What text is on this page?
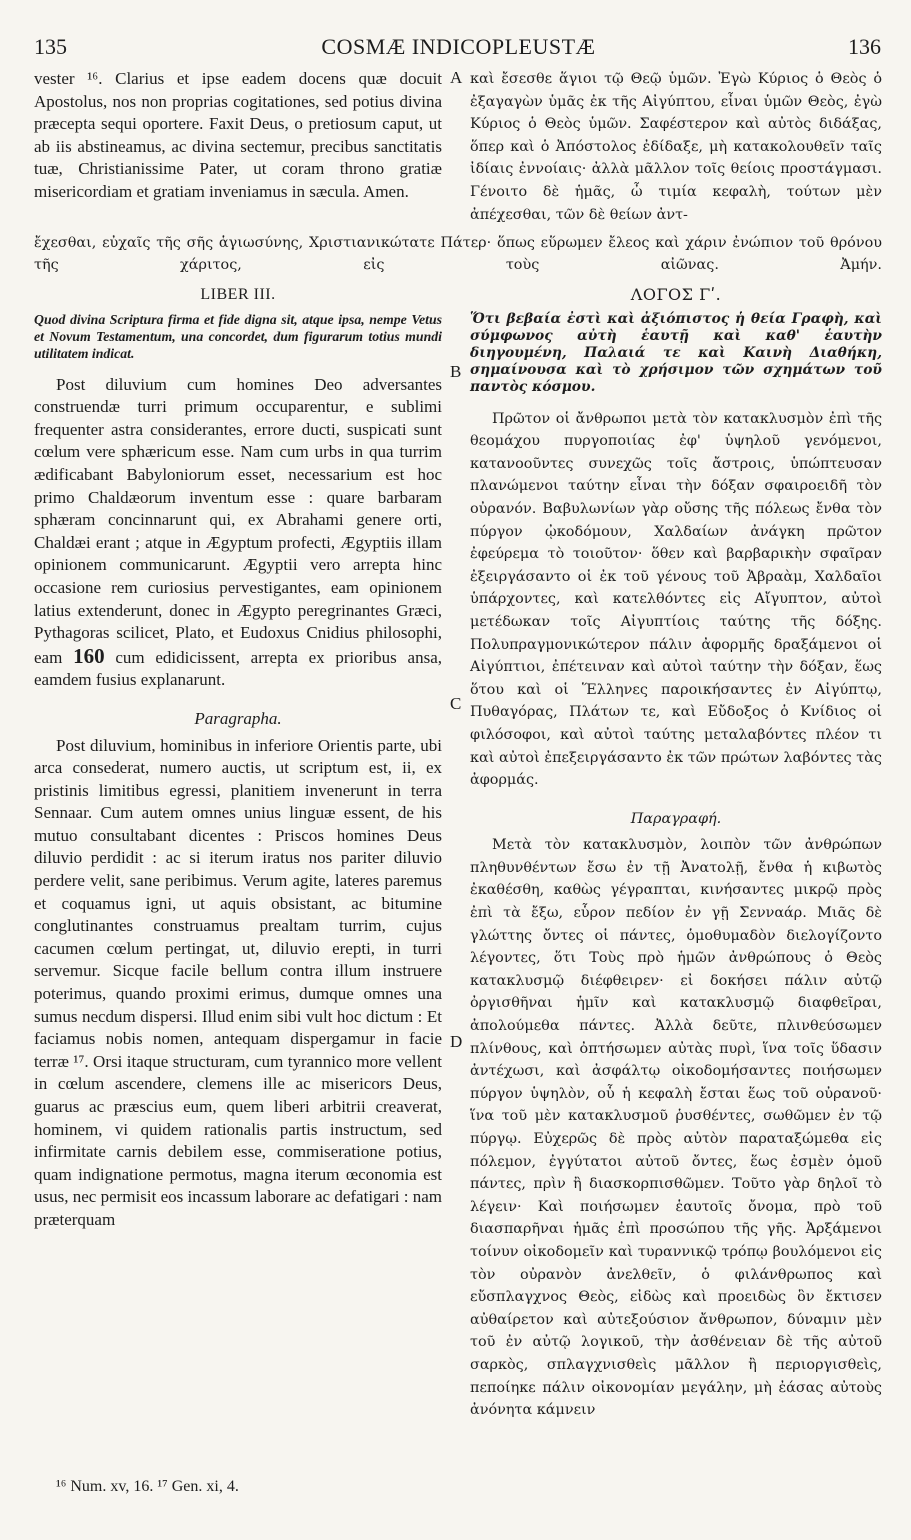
135	COSMÆ INDICOPLEUSTÆ	136

vester ¹⁶. Clarius et ipse eadem docens quæ docuit Apostolus, nos non proprias cogitationes, sed potius divina præcepta sequi oportere. Faxit Deus, o pretiosum caput, ut ab iis abstineamus, ac divina sectemur, precibus sanctitatis tuæ, Christianissime Pater, ut coram throno gratiæ misericordiam et gratiam inveniamus in sæcula. Amen.

καὶ ἔσεσθε ἅγιοι τῷ Θεῷ ὑμῶν. Ἐγὼ Κύριος ὁ Θεὸς ὁ ἐξαγαγὼν ὑμᾶς ἐκ τῆς Αἰγύπτου, εἶναι ὑμῶν Θεὸς, ἐγὼ Κύριος ὁ Θεὸς ὑμῶν. Σαφέστερον καὶ αὐτὸς διδάξας, ὅπερ καὶ ὁ Ἀπόστολος ἐδίδαξε, μὴ κατακολουθεῖν ταῖς ἰδίαις ἐννοίαις· ἀλλὰ μᾶλλον τοῖς θείοις προστάγμασι. Γένοιτο δὲ ἡμᾶς, ὦ τιμία κεφαλὴ, τούτων μὲν ἀπέχεσθαι, τῶν δὲ θείων ἀντ-

ἔχεσθαι, εὐχαῖς τῆς σῆς ἁγιωσύνης, Χριστιανικώτατε Πάτερ· ὅπως εὕρωμεν ἔλεος καὶ χάριν ἐνώπιον τοῦ θρόνου τῆς χάριτος, εἰς τοὺς αἰῶνας. Ἀμήν.

LIBER III.

Quod divina Scriptura firma et fide digna sit, atque ipsa, nempe Vetus et Novum Testamentum, una concordet, dum figurarum totius mundi utilitatem indicat.

Post diluvium cum homines Deo adversantes construendæ turri primum occuparentur, e sublimi frequenter astra considerantes, errore ducti, suspicati sunt cœlum vere sphæricum esse. Nam cum urbs in qua turrim ædificabant Babyloniorum esset, necessarium est hoc primo Chaldæorum inventum esse : quare barbaram sphæram concinnarunt qui, ex Abrahami genere orti, Chaldæi erant ; atque in Ægyptum profecti, Ægyptiis illam opinionem communicarunt. Ægyptii vero arrepta hinc occasione rem curiosius pervestigantes, eam opinionem latius extenderunt, donec in Ægypto peregrinantes Græci, Pythagoras scilicet, Plato, et Eudoxus Cnidius philosophi, eam 160 cum edidicissent, arrepta ex prioribus ansa, eamdem fusius explanarunt.

Paragrapha.

Post diluvium, hominibus in inferiore Orientis parte, ubi arca consederat, numero auctis, ut scriptum est, ii, ex pristinis limitibus egressi, planitiem invenerunt in terra Sennaar. Cum autem omnes unius linguæ essent, de his mutuo consultabant dicentes : Priscos homines Deus diluvio perdidit : ac si iterum iratus nos pariter diluvio perdere velit, sane peribimus. Verum agite, lateres paremus et coquamus igni, ut aquis obsistant, ac bitumine conglutinantes construamus prealtam turrim, cujus cacumen cœlum pertingat, ut, diluvio erepti, in turri servemur. Sicque facile bellum contra illum instruere poterimus, quando proximi erimus, dumque omnes una sumus necdum dispersi. Illud enim sibi vult hoc dictum : Et faciamus nobis nomen, antequam dispergamur in facie terræ ¹⁷. Orsi itaque structuram, cum tyrannico more vellent in cœlum ascendere, clemens ille ac misericors Deus, guarus ac præscius eum, quem liberi arbitrii creaverat, hominem, vi quidem rationalis partis instructum, sed infirmitate carnis debilem esse, commiseratione potius, quam indignatione permotus, magna iterum œconomia est usus, nec permisit eos incassum laborare ac defatigari : nam præterquam

ΛΟΓΟΣ Γʹ.

Ὅτι βεβαία ἐστὶ καὶ ἀξιόπιστος ἡ θεία Γραφὴ, καὶ σύμφωνος αὐτὴ ἑαυτῇ καὶ καθ' ἑαυτὴν διηγουμένη, Παλαιά τε καὶ Καινὴ Διαθήκη, σημαίνουσα καὶ τὸ χρήσιμον τῶν σχημάτων τοῦ παντὸς κόσμου.

Πρῶτον οἱ ἄνθρωποι μετὰ τὸν κατακλυσμὸν ἐπὶ τῆς θεομάχου πυργοποιίας ἐφ' ὑψηλοῦ γενόμενοι, κατανοοῦντες συνεχῶς τοῖς ἄστροις, ὑπώπτευσαν πλανώμενοι ταύτην εἶναι τὴν δόξαν σφαιροειδῆ τὸν οὐρανόν. Βαβυλωνίων γὰρ οὔσης τῆς πόλεως ἔνθα τὸν πύργον ᾠκοδόμουν, Χαλδαίων ἀνάγκη πρῶτον ἐφεύρεμα τὸ τοιοῦτον· ὅθεν καὶ βαρβαρικὴν σφαῖραν ἐξειργάσαντο οἱ ἐκ τοῦ γένους τοῦ Ἀβραὰμ, Χαλδαῖοι ὑπάρχοντες, καὶ κατελθόντες εἰς Αἴγυπτον, αὐτοὶ μετέδωκαν τοῖς Αἰγυπτίοις ταύτης τῆς δόξης. Πολυπραγμονικώτερον πάλιν ἀφορμῆς δραξάμενοι οἱ Αἰγύπτιοι, ἐπέτειναν καὶ αὐτοὶ ταύτην τὴν δόξαν, ἕως ὅτου καὶ οἱ Ἕλληνες παροικήσαντες ἐν Αἰγύπτῳ, Πυθαγόρας, Πλάτων τε, καὶ Εὔδοξος ὁ Κνίδιος οἱ φιλόσοφοι, καὶ αὐτοὶ ταύτης μεταλαβόντες πλέον τι καὶ αὐτοὶ ἐπεξειργάσαντο ἐκ τῶν πρώτων λαβόντες τὰς ἀφορμάς.

Παραγραφή.

Μετὰ τὸν κατακλυσμὸν, λοιπὸν τῶν ἀνθρώπων πληθυνθέντων ἔσω ἐν τῇ Ἀνατολῇ, ἔνθα ἡ κιβωτὸς ἐκαθέσθη, καθὼς γέγραπται, κινήσαντες μικρῷ πρὸς ἐπὶ τὰ ἔξω, εὗρον πεδίον ἐν γῇ Σενναάρ. Μιᾶς δὲ γλώττης ὄντες οἱ πάντες, ὁμοθυμαδὸν διελογίζοντο λέγοντες, ὅτι Τοὺς πρὸ ἡμῶν ἀνθρώπους ὁ Θεὸς κατακλυσμῷ διέφθειρεν· εἰ δοκήσει πάλιν αὐτῷ ὀργισθῆναι ἡμῖν καὶ κατακλυσμῷ διαφθεῖραι, ἀπολούμεθα πάντες. Ἀλλὰ δεῦτε, πλινθεύσωμεν πλίνθους, καὶ ὀπτήσωμεν αὐτὰς πυρὶ, ἵνα τοῖς ὕδασιν ἀντέχωσι, καὶ ἀσφάλτῳ οἰκοδομήσαντες ποιήσωμεν πύργον ὑψηλὸν, οὗ ἡ κεφαλὴ ἔσται ἕως τοῦ οὐρανοῦ· ἵνα τοῦ μὲν κατακλυσμοῦ ῥυσθέντες, σωθῶμεν ἐν τῷ πύργῳ. Εὐχερῶς δὲ πρὸς αὐτὸν παραταξώμεθα εἰς πόλεμον, ἐγγύτατοι αὐτοῦ ὄντες, ἕως ἐσμὲν ὁμοῦ πάντες, πρὶν ἢ διασκορπισθῶμεν. Τοῦτο γὰρ δηλοῖ τὸ λέγειν· Καὶ ποιήσωμεν ἑαυτοῖς ὄνομα, πρὸ τοῦ διασπαρῆναι ἡμᾶς ἐπὶ προσώπου τῆς γῆς. Ἀρξάμενοι τοίνυν οἰκοδομεῖν καὶ τυραννικῷ τρόπῳ βουλόμενοι εἰς τὸν οὐρανὸν ἀνελθεῖν, ὁ φιλάνθρωπος καὶ εὔσπλαγχνος Θεὸς, εἰδὼς καὶ προειδὼς ὃν ἔκτισεν αὐθαίρετον καὶ αὐτεξούσιον ἄνθρωπον, δύναμιν μὲν τοῦ ἐν αὐτῷ λογικοῦ, τὴν ἀσθένειαν δὲ τῆς αὐτοῦ σαρκὸς, σπλαγχνισθεὶς μᾶλλον ἢ περιοργισθεὶς, πεποίηκε πάλιν οἰκονομίαν μεγάλην, μὴ ἐάσας αὐτοὺς ἀνόνητα κάμνειν

A
B
C
D
¹⁶ Num. xv, 16. ¹⁷ Gen. xi, 4.
